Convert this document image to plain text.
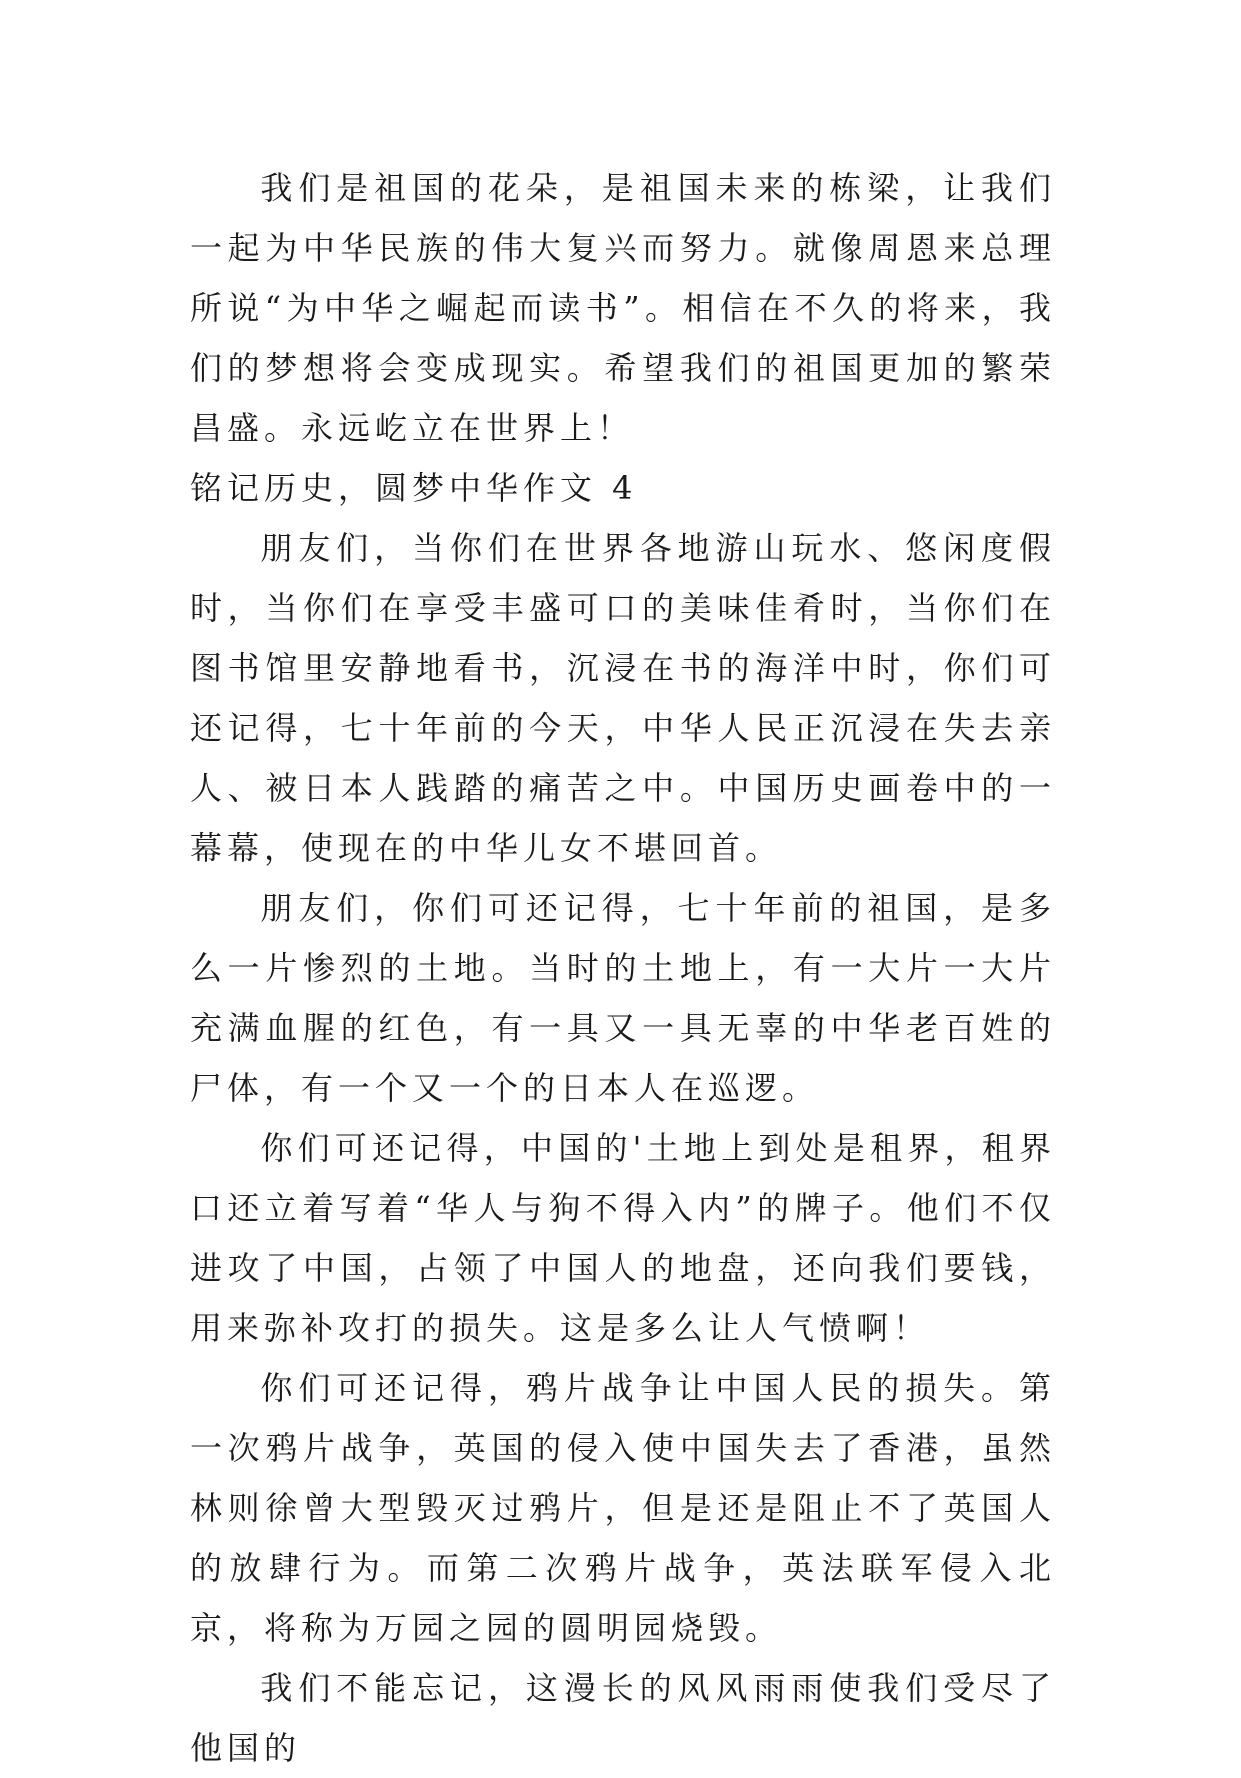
我们是祖国的花朵，是祖国未来的栋梁，让我们一起为中华民族的伟大复兴而努力。就像周恩来总理所说“为中华之崛起而读书”。相信在不久的将来，我们的梦想将会变成现实。希望我们的祖国更加的繁荣昌盛。永远屹立在世界上！

铭记历史，圆梦中华作文 4

朋友们，当你们在世界各地游山玩水、悠闲度假时，当你们在享受丰盛可口的美味佳肴时，当你们在图书馆里安静地看书，沉浸在书的海洋中时，你们可还记得，七十年前的今天，中华人民正沉浸在失去亲人、被日本人践踏的痛苦之中。中国历史画卷中的一幕幕，使现在的中华儿女不堪回首。

朋友们，你们可还记得，七十年前的祖国，是多么一片惨烈的土地。当时的土地上，有一大片一大片充满血腥的红色，有一具又一具无辜的中华老百姓的尸体，有一个又一个的日本人在巡逻。

你们可还记得，中国的'土地上到处是租界，租界口还立着写着“华人与狗不得入内”的牌子。他们不仅进攻了中国，占领了中国人的地盘，还向我们要钱，用来弥补攻打的损失。这是多么让人气愤啊！

你们可还记得，鸦片战争让中国人民的损失。第一次鸦片战争，英国的侵入使中国失去了香港，虽然林则徐曾大型毁灭过鸦片，但是还是阻止不了英国人的放肆行为。而第二次鸦片战争，英法联军侵入北京，将称为万园之园的圆明园烧毁。

我们不能忘记，这漫长的风风雨雨使我们受尽了他国的
